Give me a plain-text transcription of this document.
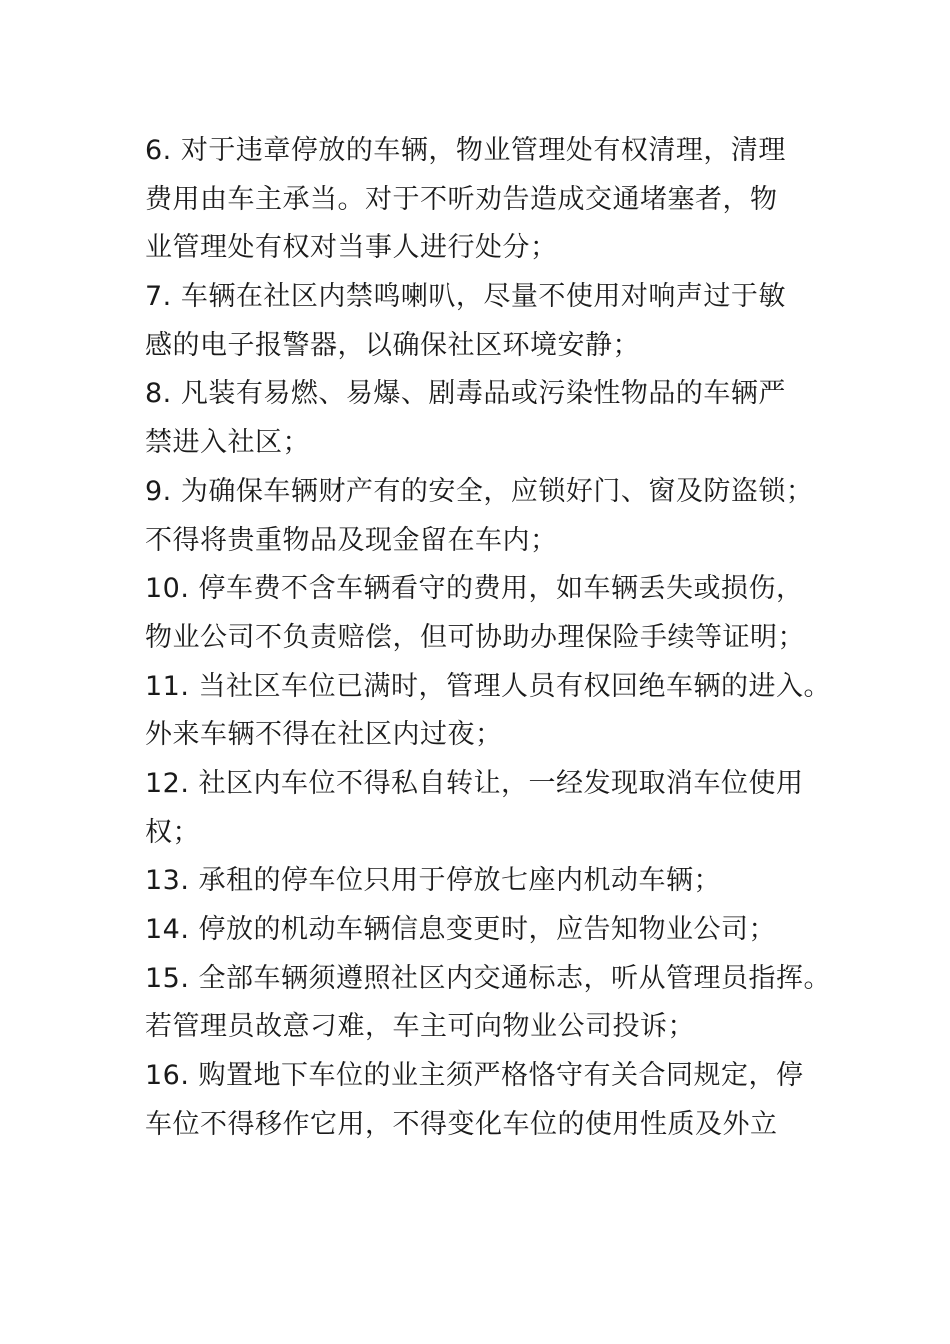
6. 对于违章停放的车辆，物业管理处有权清理，清理
费用由车主承当。对于不听劝告造成交通堵塞者，物
业管理处有权对当事人进行处分；
7. 车辆在社区内禁鸣喇叭，尽量不使用对响声过于敏
感的电子报警器，以确保社区环境安静；
8. 凡装有易燃、易爆、剧毒品或污染性物品的车辆严
禁进入社区；
9. 为确保车辆财产有的安全，应锁好门、窗及防盗锁；
不得将贵重物品及现金留在车内；
10. 停车费不含车辆看守的费用，如车辆丢失或损伤，
物业公司不负责赔偿，但可协助办理保险手续等证明；
11. 当社区车位已满时，管理人员有权回绝车辆的进入。
外来车辆不得在社区内过夜；
12. 社区内车位不得私自转让，一经发现取消车位使用
权；
13. 承租的停车位只用于停放七座内机动车辆；
14. 停放的机动车辆信息变更时，应告知物业公司；
15. 全部车辆须遵照社区内交通标志，听从管理员指挥。
若管理员故意刁难，车主可向物业公司投诉；
16. 购置地下车位的业主须严格恪守有关合同规定，停
车位不得移作它用，不得变化车位的使用性质及外立
